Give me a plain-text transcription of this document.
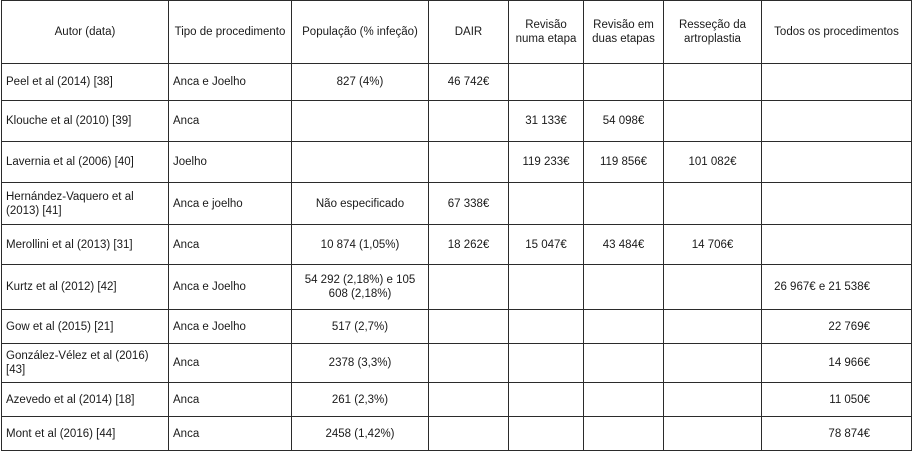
Autor (data)	Tipo de procedimento	População (% infeção)	DAIR	Revisão numa etapa	Revisão em duas etapas	Resseção da artroplastia	Todos os procedimentos
Peel et al (2014) [38]	Anca e Joelho	827 (4%)	46 742€				
Klouche et al (2010) [39]	Anca			31 133€	54 098€		
Lavernia et al (2006) [40]	Joelho			119 233€	119 856€	101 082€	
Hernández-Vaquero et al (2013) [41]	Anca e joelho	Não especificado	67 338€				
Merollini et al (2013) [31]	Anca	10 874 (1,05%)	18 262€	15 047€	43 484€	14 706€	
Kurtz et al (2012) [42]	Anca e Joelho	54 292 (2,18%) e 105 608 (2,18%)					26 967€ e 21 538€
Gow et al (2015) [21]	Anca e Joelho	517 (2,7%)					22 769€
González-Vélez et al (2016) [43]	Anca	2378 (3,3%)					14 966€
Azevedo et al (2014) [18]	Anca	261 (2,3%)					11 050€
Mont et al (2016) [44]	Anca	2458 (1,42%)					78 874€
